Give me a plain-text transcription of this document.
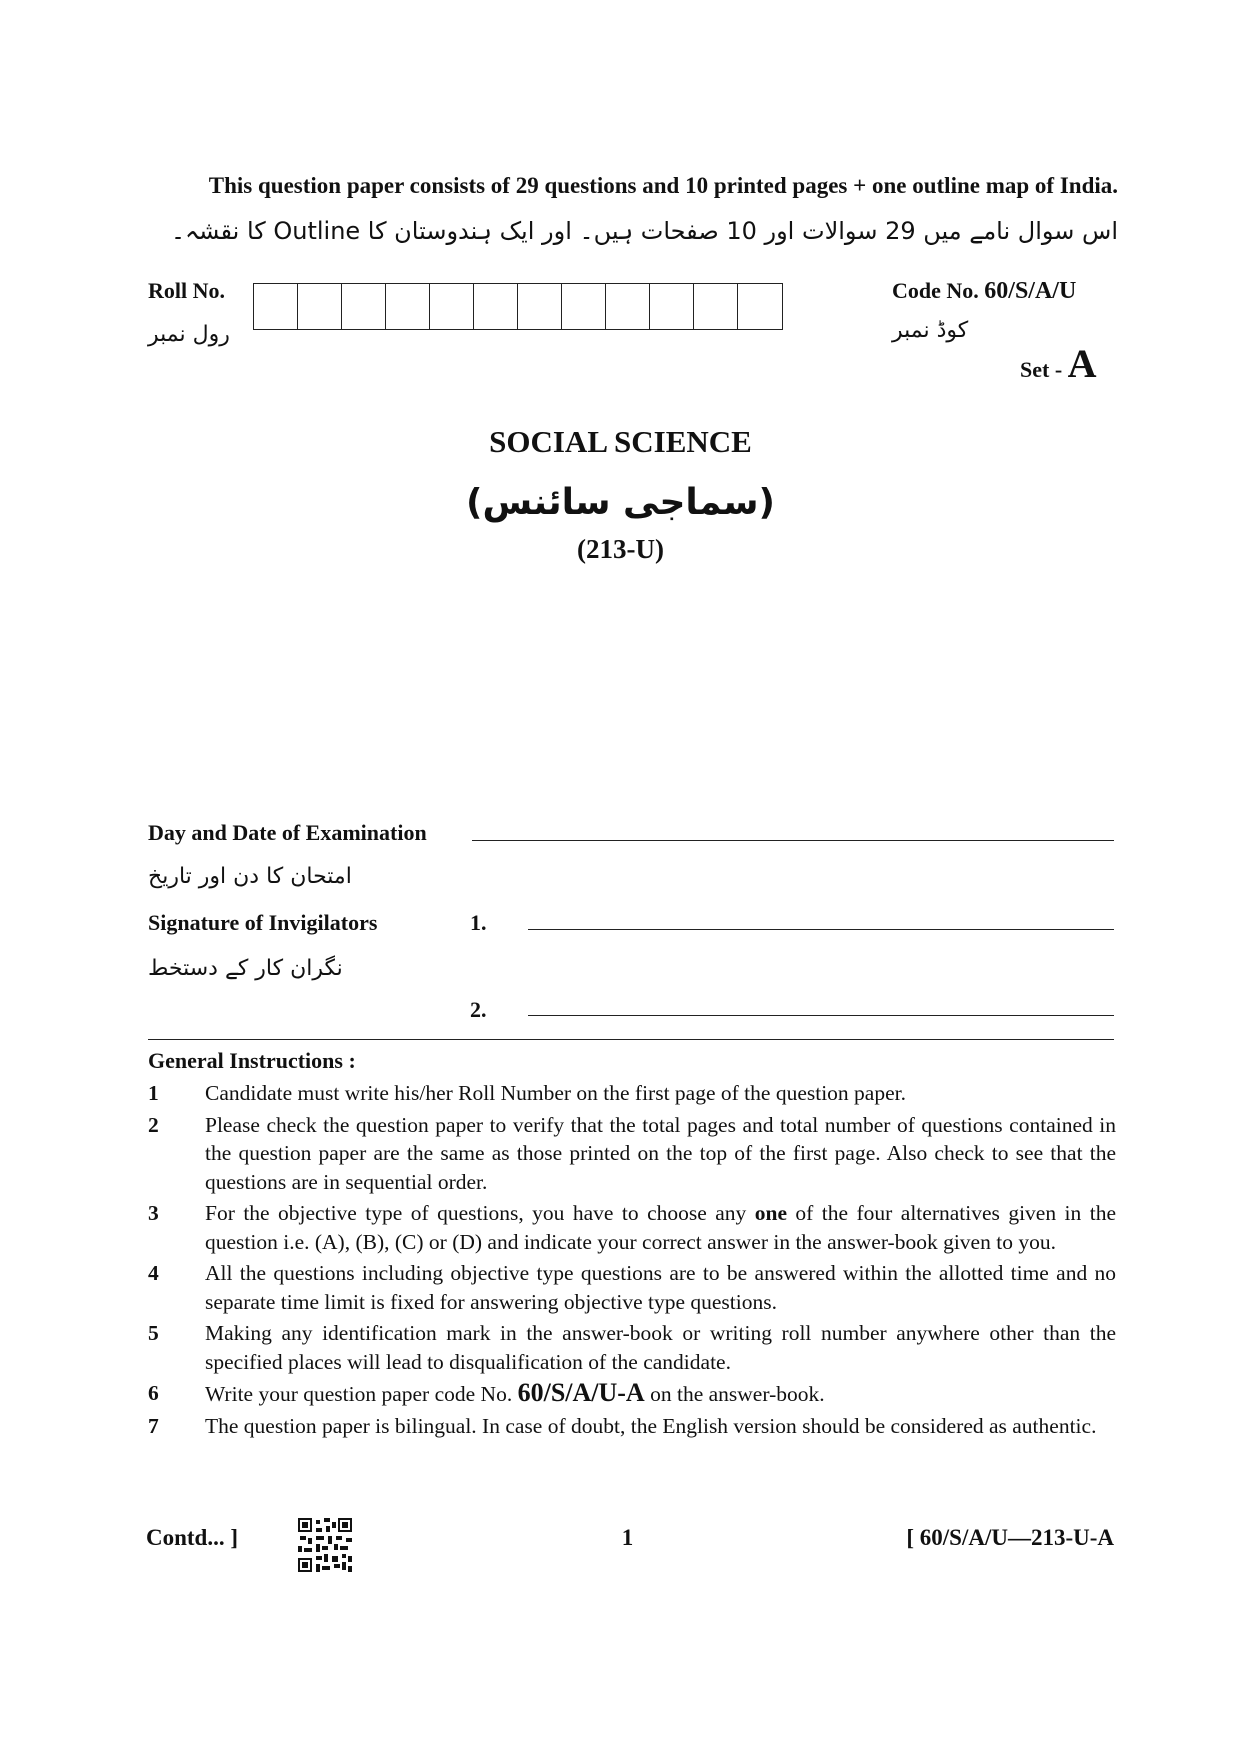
This question paper consists of 29 questions and 10 printed pages + one outline map of India.
اس سوال نامے میں 29 سوالات اور 10 صفحات ہیں۔ اور ایک ہندوستان کا Outline کا نقشہ۔
Roll No.
رول نمبر
Code No. 60/S/A/U
کوڈ نمبر
Set - A
SOCIAL SCIENCE
(سماجی سائنس)
(213-U)
Day and Date of Examination
امتحان کا دن اور تاریخ
Signature of Invigilators	1.
نگران کار کے دستخط
2.
General Instructions :
1	Candidate must write his/her Roll Number on the first page of the question paper.
2	Please check the question paper to verify that the total pages and total number of questions contained in the question paper are the same as those printed on the top of the first page. Also check to see that the questions are in sequential order.
3	For the objective type of questions, you have to choose any one of the four alternatives given in the question i.e. (A), (B), (C) or (D) and indicate your correct answer in the answer-book given to you.
4	All the questions including objective type questions are to be answered within the allotted time and no separate time limit is fixed for answering objective type questions.
5	Making any identification mark in the answer-book or writing roll number anywhere other than the specified places will lead to disqualification of the candidate.
6	Write your question paper code No. 60/S/A/U-A on the answer-book.
7	The question paper is bilingual. In case of doubt, the English version should be considered as authentic.
Contd... ]	1	[ 60/S/A/U—213-U-A
